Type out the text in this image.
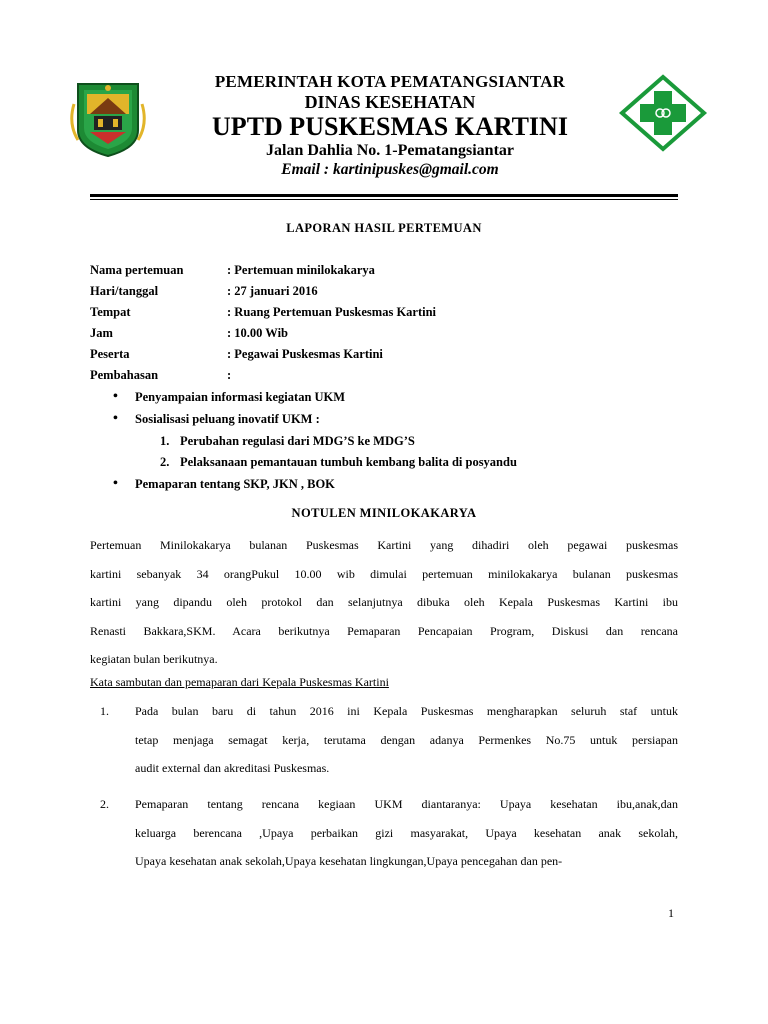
PEMERINTAH KOTA PEMATANGSIANTAR
DINAS KESEHATAN
UPTD PUSKESMAS KARTINI
Jalan Dahlia No. 1-Pematangsiantar
Email : kartinipuskes@gmail.com
LAPORAN HASIL PERTEMUAN
Nama pertemuan	: Pertemuan minilokakarya
Hari/tanggal	: 27 januari 2016
Tempat	: Ruang Pertemuan Puskesmas Kartini
Jam	: 10.00 Wib
Peserta	: Pegawai Puskesmas Kartini
Pembahasan	:
• Penyampaian informasi kegiatan UKM
• Sosialisasi peluang inovatif UKM :
1. Perubahan regulasi dari MDG’S ke MDG’S
2. Pelaksanaan pemantauan tumbuh kembang balita di posyandu
• Pemaparan tentang SKP, JKN , BOK
NOTULEN MINILOKAKARYA
Pertemuan Minilokakarya bulanan Puskesmas Kartini yang dihadiri oleh pegawai puskesmas
kartini sebanyak 34 orangPukul 10.00 wib dimulai pertemuan minilokakarya bulanan puskesmas
kartini yang dipandu oleh protokol dan selanjutnya dibuka oleh Kepala Puskesmas Kartini ibu
Renasti Bakkara,SKM. Acara berikutnya Pemaparan Pencapaian Program, Diskusi dan rencana
kegiatan bulan berikutnya.
Kata sambutan dan pemaparan dari Kepala Puskesmas Kartini
1. Pada bulan baru di tahun 2016 ini Kepala Puskesmas mengharapkan seluruh staf untuk
tetap menjaga semagat kerja, terutama dengan adanya Permenkes No.75 untuk persiapan
audit external dan akreditasi Puskesmas.
2. Pemaparan tentang rencana kegiaan UKM diantaranya: Upaya kesehatan ibu,anak,dan
keluarga berencana ,Upaya perbaikan gizi masyarakat, Upaya kesehatan anak sekolah,
Upaya kesehatan anak sekolah,Upaya kesehatan lingkungan,Upaya pencegahan dan pen-
1
